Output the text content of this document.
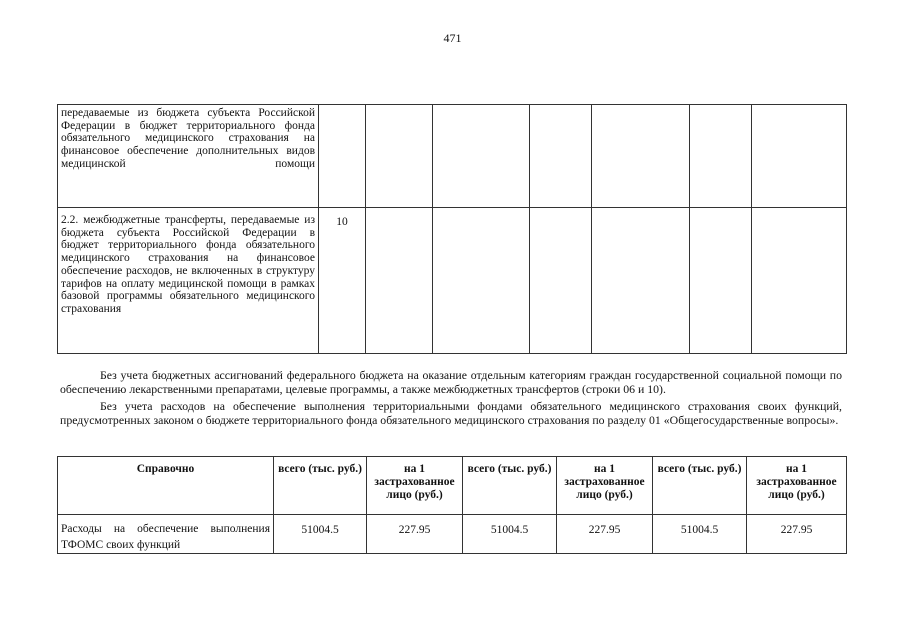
471
передаваемые из бюджета субъекта Российской Федерации в бюджет территориального фонда обязательного медицинского страхования на финансовое обеспечение дополнительных видов медицинской помощи							
2.2. межбюджетные трансферты, передаваемые из бюджета субъекта Российской Федерации в бюджет территориального фонда обязательного медицинского страхования на финансовое обеспечение расходов, не включенных в структуру тарифов на оплату медицинской помощи в рамках базовой программы обязательного медицинского страхования	10						

Без учета бюджетных ассигнований федерального бюджета на оказание отдельным категориям граждан государственной социальной помощи по обеспечению лекарственными препаратами, целевые программы, а также межбюджетных трансфертов (строки 06 и 10).

Без учета расходов на обеспечение выполнения территориальными фондами обязательного медицинского страхования своих функций, предусмотренных законом о бюджете территориального фонда обязательного медицинского страхования по разделу 01 «Общегосударственные вопросы».

Справочно	всего (тыс. руб.)	на 1 застрахованное лицо (руб.)	всего (тыс. руб.)	на 1 застрахованное лицо (руб.)	всего (тыс. руб.)	на 1 застрахованное лицо (руб.)
Расходы на обеспечение выполнения ТФОМС своих функций	51004.5	227.95	51004.5	227.95	51004.5	227.95
